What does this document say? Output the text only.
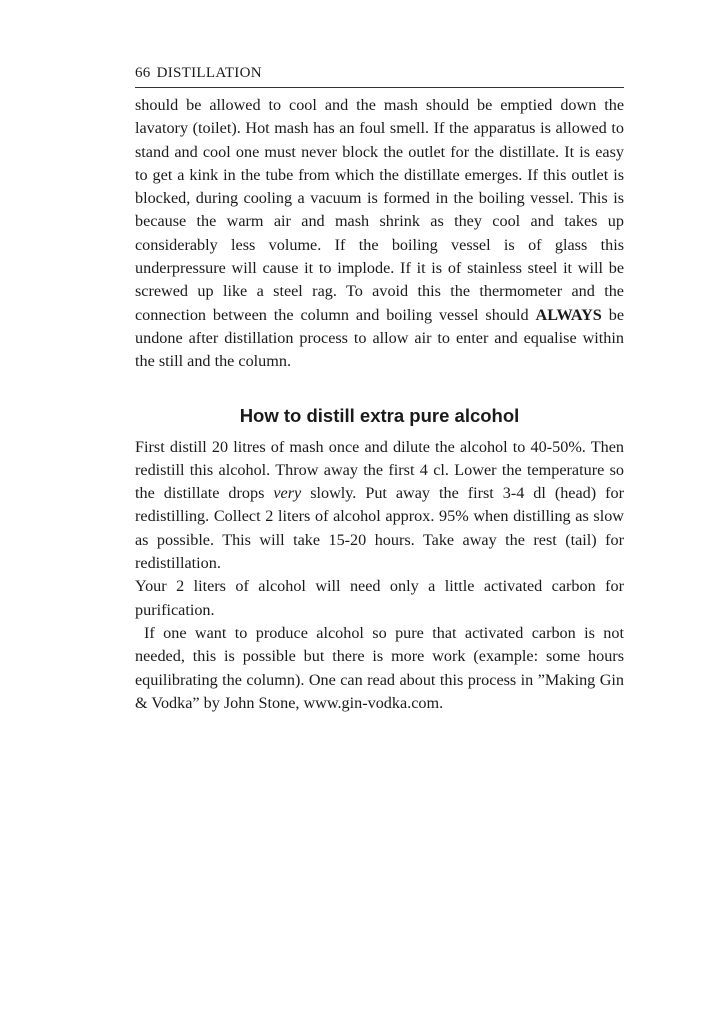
66 DISTILLATION

should be allowed to cool and the mash should be emptied down the lavatory (toilet). Hot mash has an foul smell. If the apparatus is allowed to stand and cool one must never block the outlet for the distillate. It is easy to get a kink in the tube from which the distillate emerges. If this outlet is blocked, during cooling a vacuum is formed in the boiling vessel. This is because the warm air and mash shrink as they cool and takes up considerably less volume. If the boiling vessel is of glass this underpressure will cause it to implode. If it is of stainless steel it will be screwed up like a steel rag. To avoid this the thermometer and the connection between the column and boiling vessel should ALWAYS be undone after distillation process to allow air to enter and equalise within the still and the column.

How to distill extra pure alcohol

First distill 20 litres of mash once and dilute the alcohol to 40-50%. Then redistill this alcohol. Throw away the first 4 cl. Lower the temperature so the distillate drops very slowly. Put away the first 3-4 dl (head) for redistilling. Collect 2 liters of alcohol approx. 95% when distilling as slow as possible. This will take 15-20 hours. Take away the rest (tail) for redistillation.

Your 2 liters of alcohol will need only a little activated carbon for purification.

If one want to produce alcohol so pure that activated carbon is not needed, this is possible but there is more work (example: some hours equilibrating the column). One can read about this process in ”Making Gin & Vodka” by John Stone, www.gin-vodka.com.
